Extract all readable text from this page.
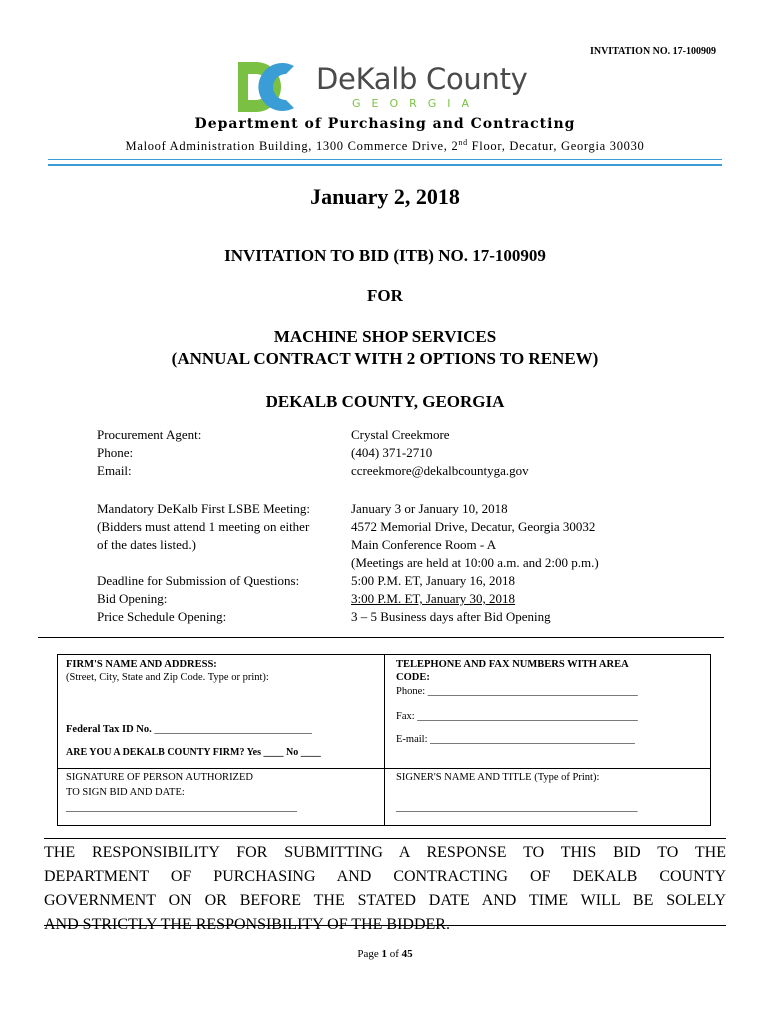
INVITATION NO. 17-100909
DeKalb County
GEORGIA
Department of Purchasing and Contracting
Maloof Administration Building, 1300 Commerce Drive, 2nd Floor, Decatur, Georgia 30030
January 2, 2018
INVITATION TO BID (ITB) NO. 17-100909
FOR
MACHINE SHOP SERVICES
(ANNUAL CONTRACT WITH 2 OPTIONS TO RENEW)
DEKALB COUNTY, GEORGIA
Procurement Agent:
Phone:
Email:
Crystal Creekmore
(404) 371-2710
ccreekmore@dekalbcountyga.gov
Mandatory DeKalb First LSBE Meeting:
(Bidders must attend 1 meeting on either
of the dates listed.)
Deadline for Submission of Questions:
Bid Opening:
Price Schedule Opening:
January 3 or January 10, 2018
4572 Memorial Drive, Decatur, Georgia 30032
Main Conference Room - A
(Meetings are held at 10:00 a.m. and 2:00 p.m.)
5:00 P.M. ET, January 16, 2018
3:00 P.M. ET, January 30, 2018
3 – 5 Business days after Bid Opening
FIRM'S NAME AND ADDRESS:
(Street, City, State and Zip Code. Type or print):
Federal Tax ID No. ______________________________
ARE YOU A DEKALB COUNTY FIRM? Yes ____ No ____
TELEPHONE AND FAX NUMBERS WITH AREA
CODE:
Phone: ________________________________________
Fax: __________________________________________
E-mail: _______________________________________
SIGNATURE OF PERSON AUTHORIZED
TO SIGN BID AND DATE:
____________________________________________
SIGNER'S NAME AND TITLE (Type of Print):
______________________________________________

THE RESPONSIBILITY FOR SUBMITTING A RESPONSE TO THIS BID TO THE

DEPARTMENT OF PURCHASING AND CONTRACTING OF DEKALB COUNTY

GOVERNMENT ON OR BEFORE THE STATED DATE AND TIME WILL BE SOLELY

AND STRICTLY THE RESPONSIBILITY OF THE BIDDER.

Page 1 of 45
